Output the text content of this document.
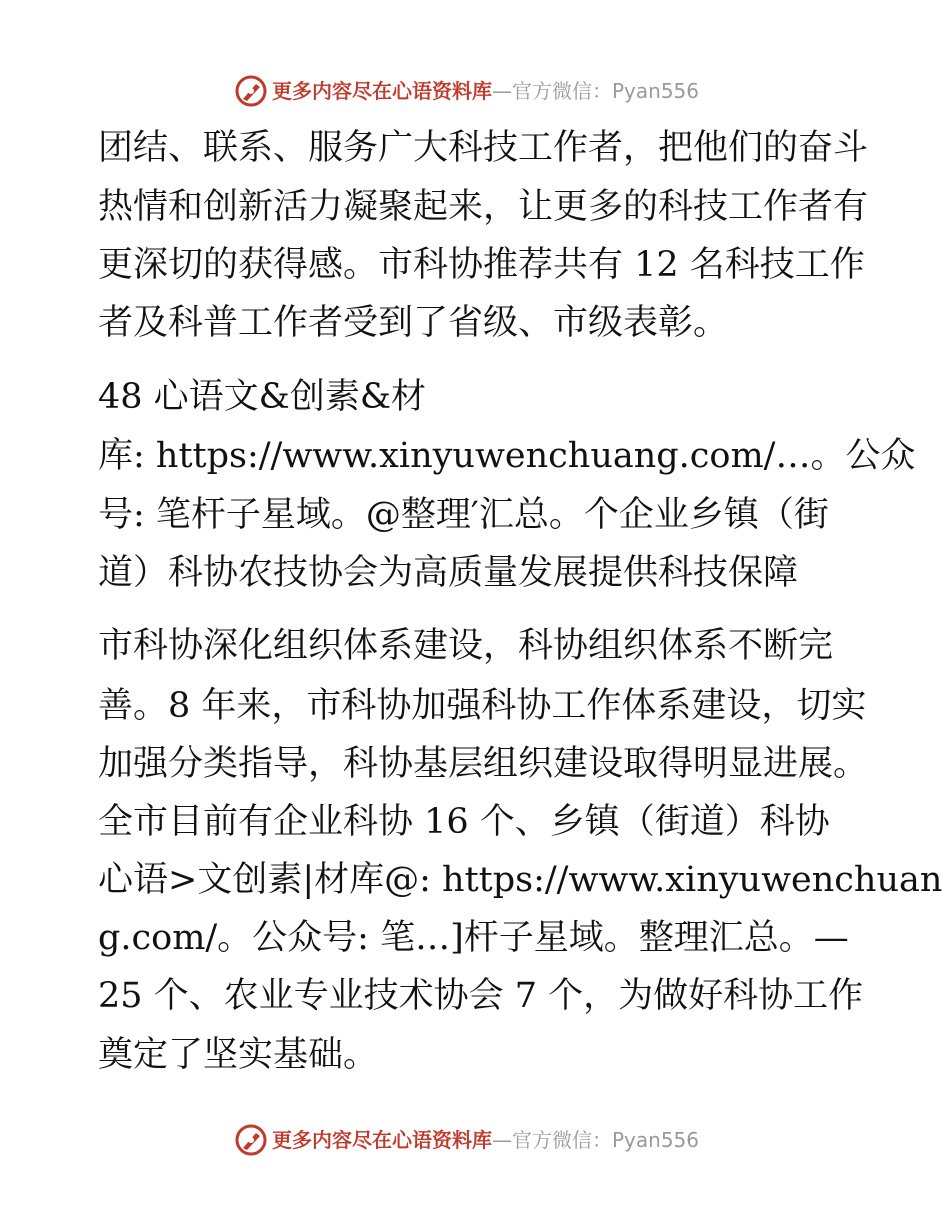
更多内容尽在心语资料库—官方微信：Pyan556
团结、联系、服务广大科技工作者，把他们的奋斗
热情和创新活力凝聚起来，让更多的科技工作者有
更深切的获得感。市科协推荐共有 12 名科技工作
者及科普工作者受到了省级、市级表彰。
48 心语文&创素&材
库: https://www.xinyuwenchuang.com/…。公众
号: 笔杆子星域。@整理′汇总。个企业乡镇（街
道）科协农技协会为高质量发展提供科技保障
市科协深化组织体系建设，科协组织体系不断完
善。8 年来，市科协加强科协工作体系建设，切实
加强分类指导，科协基层组织建设取得明显进展。
全市目前有企业科协 16 个、乡镇（街道）科协
心语>文创素|材库@: https://www.xinyuwenchuan
g.com/。公众号: 笔…]杆子星域。整理汇总。—
25 个、农业专业技术协会 7 个，为做好科协工作
奠定了坚实基础。
更多内容尽在心语资料库—官方微信：Pyan556
